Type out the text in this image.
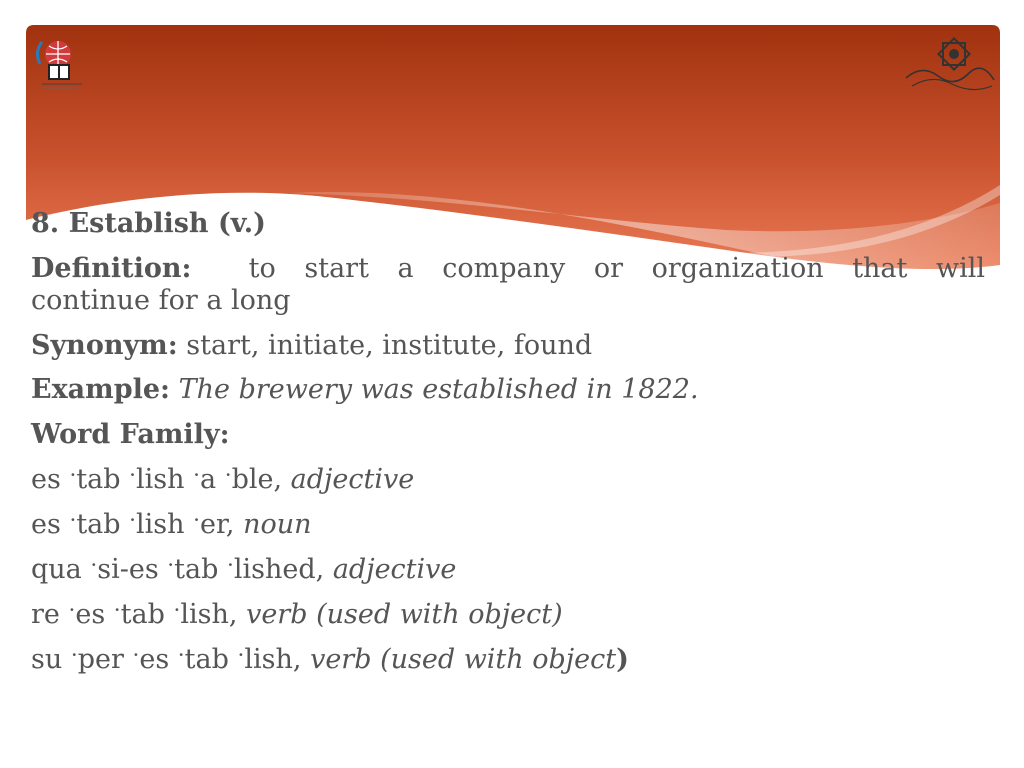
8. Establish (v.)
Definition: to start a company or organization that will
continue for a long
Synonym: start, initiate, institute, found
Example: The brewery was established in 1822.
Word Family:
es ·tab ·lish ·a ·ble, adjective
es ·tab ·lish ·er, noun
qua ·si-es ·tab ·lished, adjective
re ·es ·tab ·lish, verb (used with object)
su ·per ·es ·tab ·lish, verb (used with object)
